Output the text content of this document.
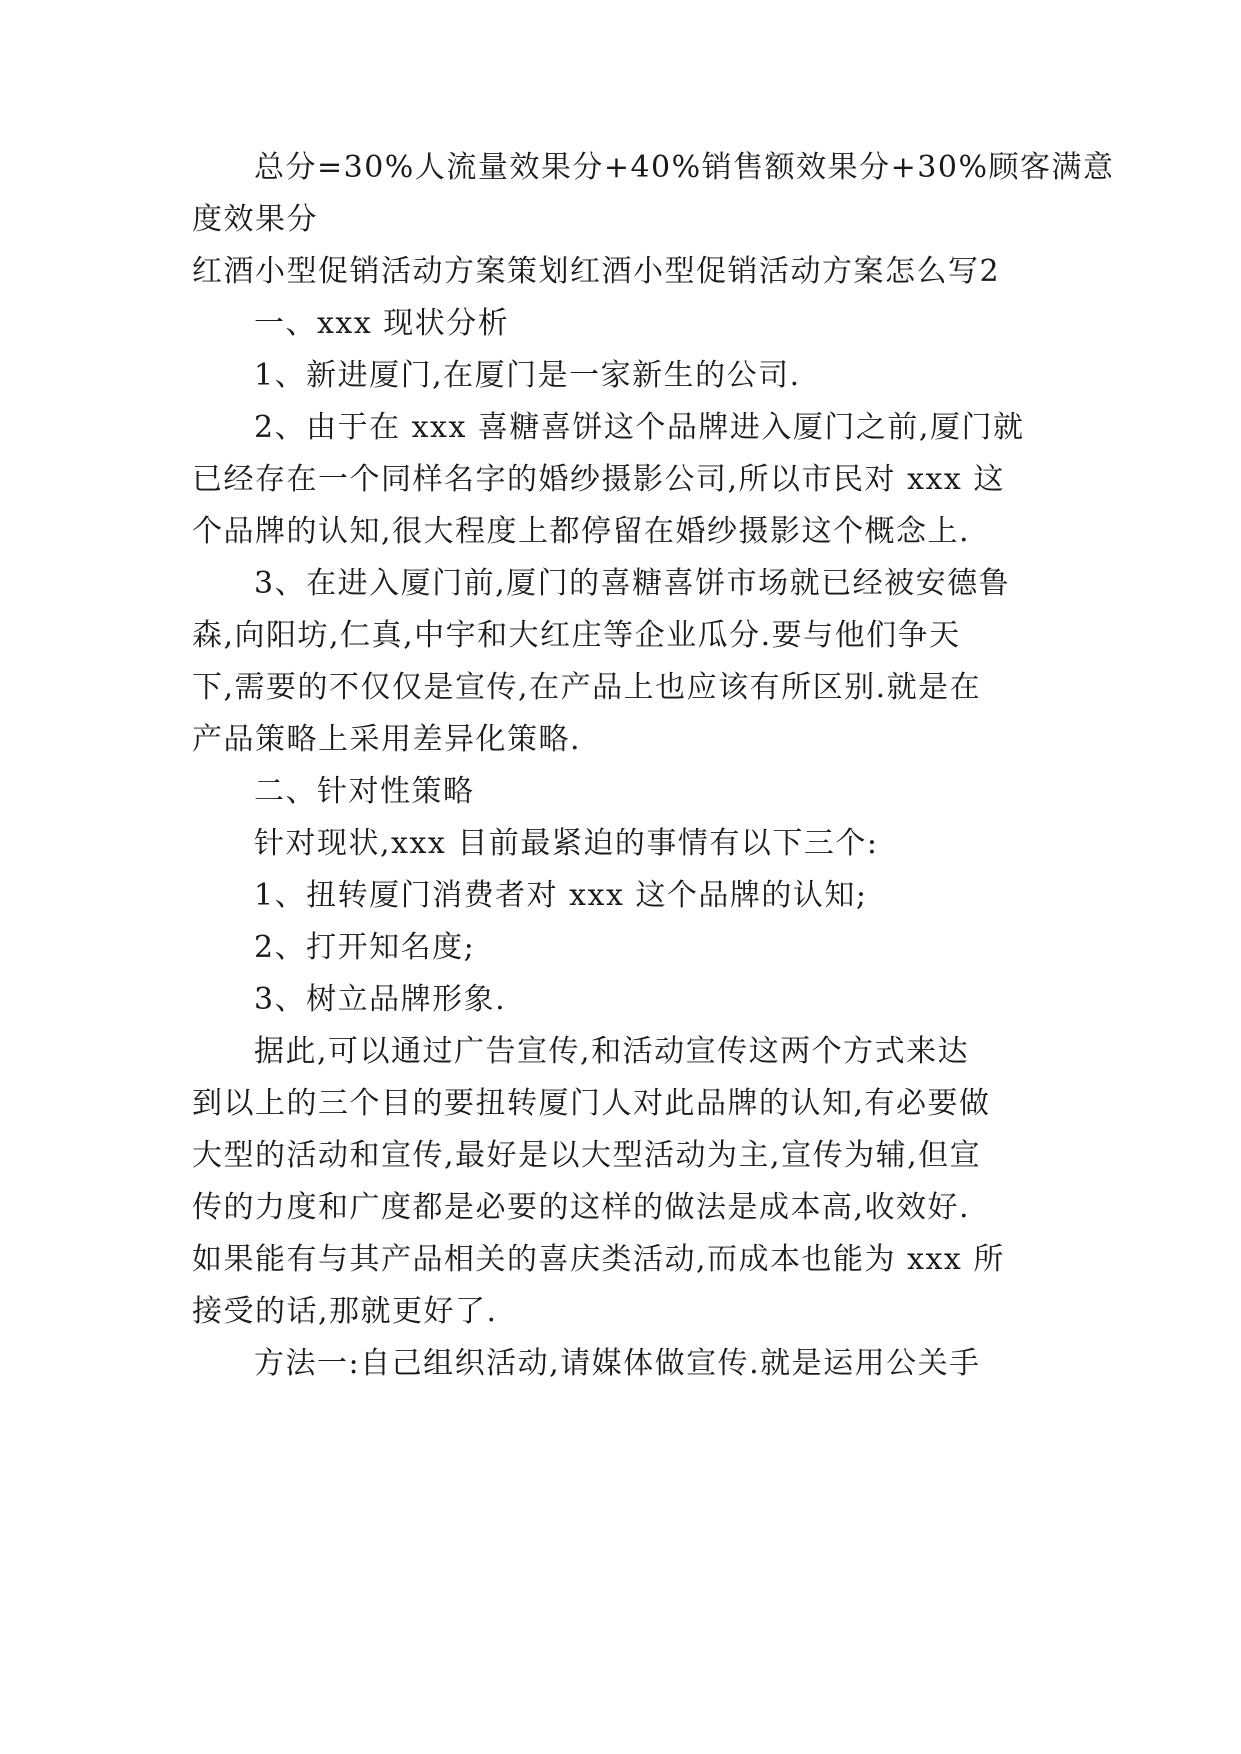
总分=30%人流量效果分+40%销售额效果分+30%顾客满意
度效果分
红酒小型促销活动方案策划红酒小型促销活动方案怎么写2
一、xxx 现状分析
1、新进厦门,在厦门是一家新生的公司.
2、由于在 xxx 喜糖喜饼这个品牌进入厦门之前,厦门就
已经存在一个同样名字的婚纱摄影公司,所以市民对 xxx 这
个品牌的认知,很大程度上都停留在婚纱摄影这个概念上.
3、在进入厦门前,厦门的喜糖喜饼市场就已经被安德鲁
森,向阳坊,仁真,中宇和大红庄等企业瓜分.要与他们争天
下,需要的不仅仅是宣传,在产品上也应该有所区别.就是在
产品策略上采用差异化策略.
二、针对性策略
针对现状,xxx 目前最紧迫的事情有以下三个:
1、扭转厦门消费者对 xxx 这个品牌的认知;
2、打开知名度;
3、树立品牌形象.
据此,可以通过广告宣传,和活动宣传这两个方式来达
到以上的三个目的要扭转厦门人对此品牌的认知,有必要做
大型的活动和宣传,最好是以大型活动为主,宣传为辅,但宣
传的力度和广度都是必要的这样的做法是成本高,收效好.
如果能有与其产品相关的喜庆类活动,而成本也能为 xxx 所
接受的话,那就更好了.
方法一:自己组织活动,请媒体做宣传.就是运用公关手
